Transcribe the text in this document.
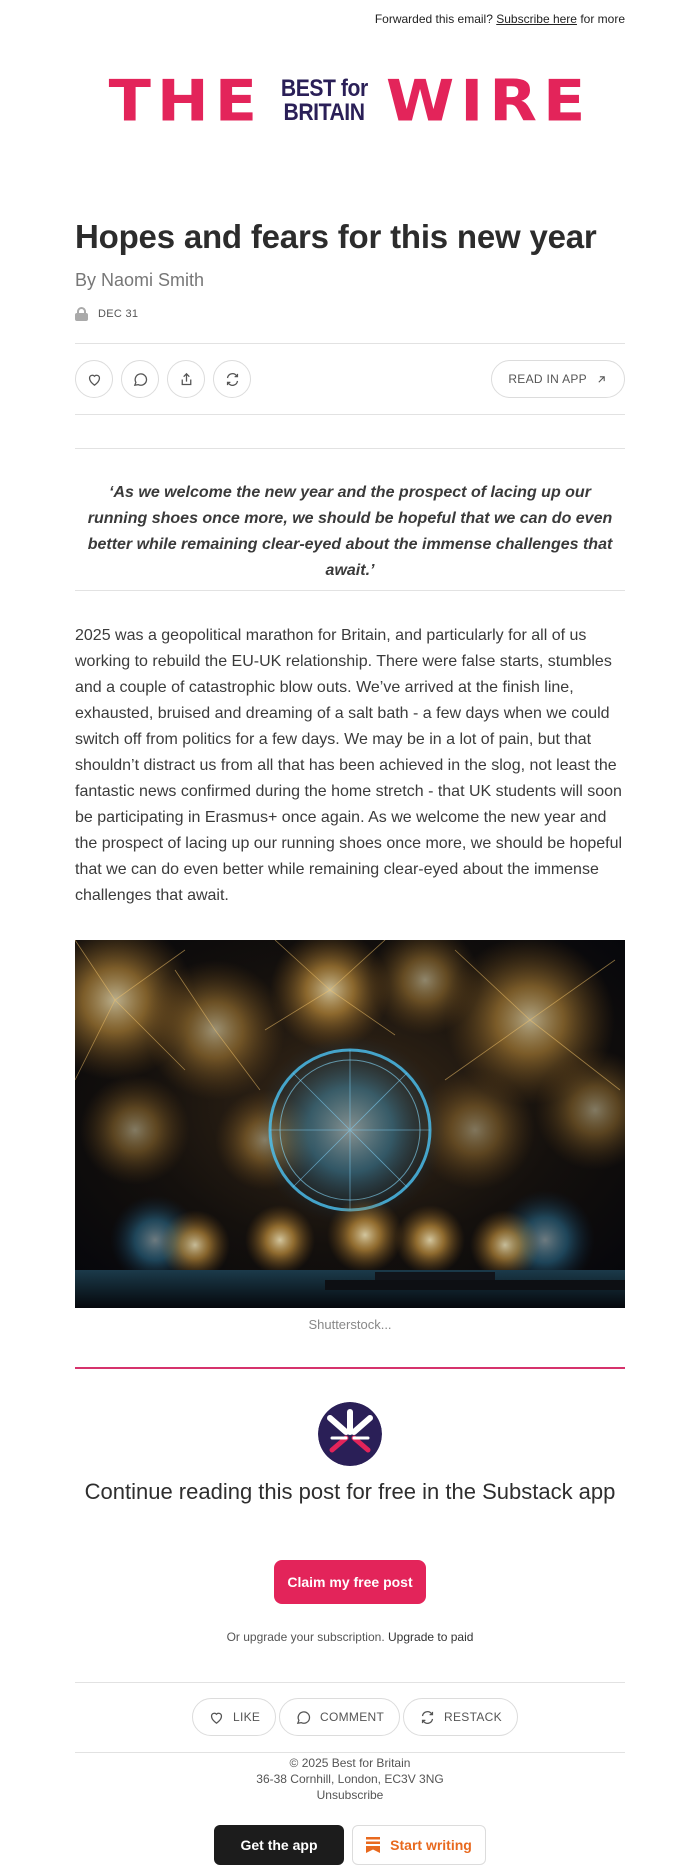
Forwarded this email? Subscribe here for more
THE BEST for
BRITAIN WIRE
Hopes and fears for this new year
By Naomi Smith
DEC 31
READ IN APP
‘As we welcome the new year and the prospect of lacing up our running shoes once more, we should be hopeful that we can do even better while remaining clear-eyed about the immense challenges that await.’

2025 was a geopolitical marathon for Britain, and particularly for all of us working to rebuild the EU-UK relationship. There were false starts, stumbles and a couple of catastrophic blow outs. We’ve arrived at the finish line, exhausted, bruised and dreaming of a salt bath - a few days when we could switch off from politics for a few days. We may be in a lot of pain, but that shouldn’t distract us from all that has been achieved in the slog, not least the fantastic news confirmed during the home stretch - that UK students will soon be participating in Erasmus+ once again. As we welcome the new year and the prospect of lacing up our running shoes once more, we should be hopeful that we can do even better while remaining clear-eyed about the immense challenges that await.

Shutterstock...
Continue reading this post for free in the Substack app
Claim my free post
Or upgrade your subscription. Upgrade to paid
LIKE	COMMENT	RESTACK
© 2025 Best for Britain
36-38 Cornhill, London, EC3V 3NG
Unsubscribe
Get the app	Start writing
